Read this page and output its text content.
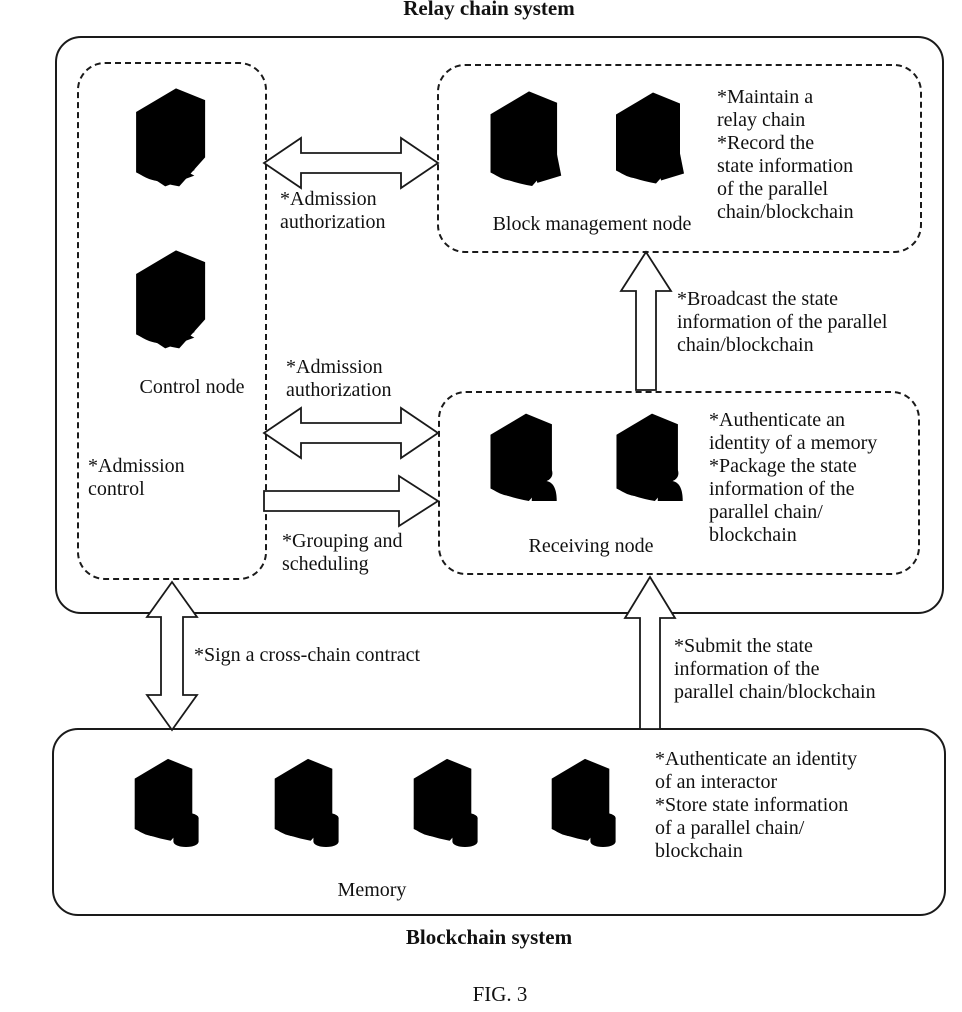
Relay chain system
Control node
Block management node
Receiving node
Memory
*Admission
authorization
*Maintain a
relay chain
*Record the
state information
of the parallel
chain/blockchain
*Broadcast the state
information of the parallel
chain/blockchain
*Admission
authorization
*Authenticate an
identity of a memory
*Package the state
information of the
parallel chain/
blockchain
*Admission
control
*Grouping and
scheduling
*Sign a cross-chain contract	*Submit the state
information of the
parallel chain/blockchain
*Authenticate an identity
of an interactor
*Store state information
of a parallel chain/
blockchain
Blockchain system
FIG. 3
